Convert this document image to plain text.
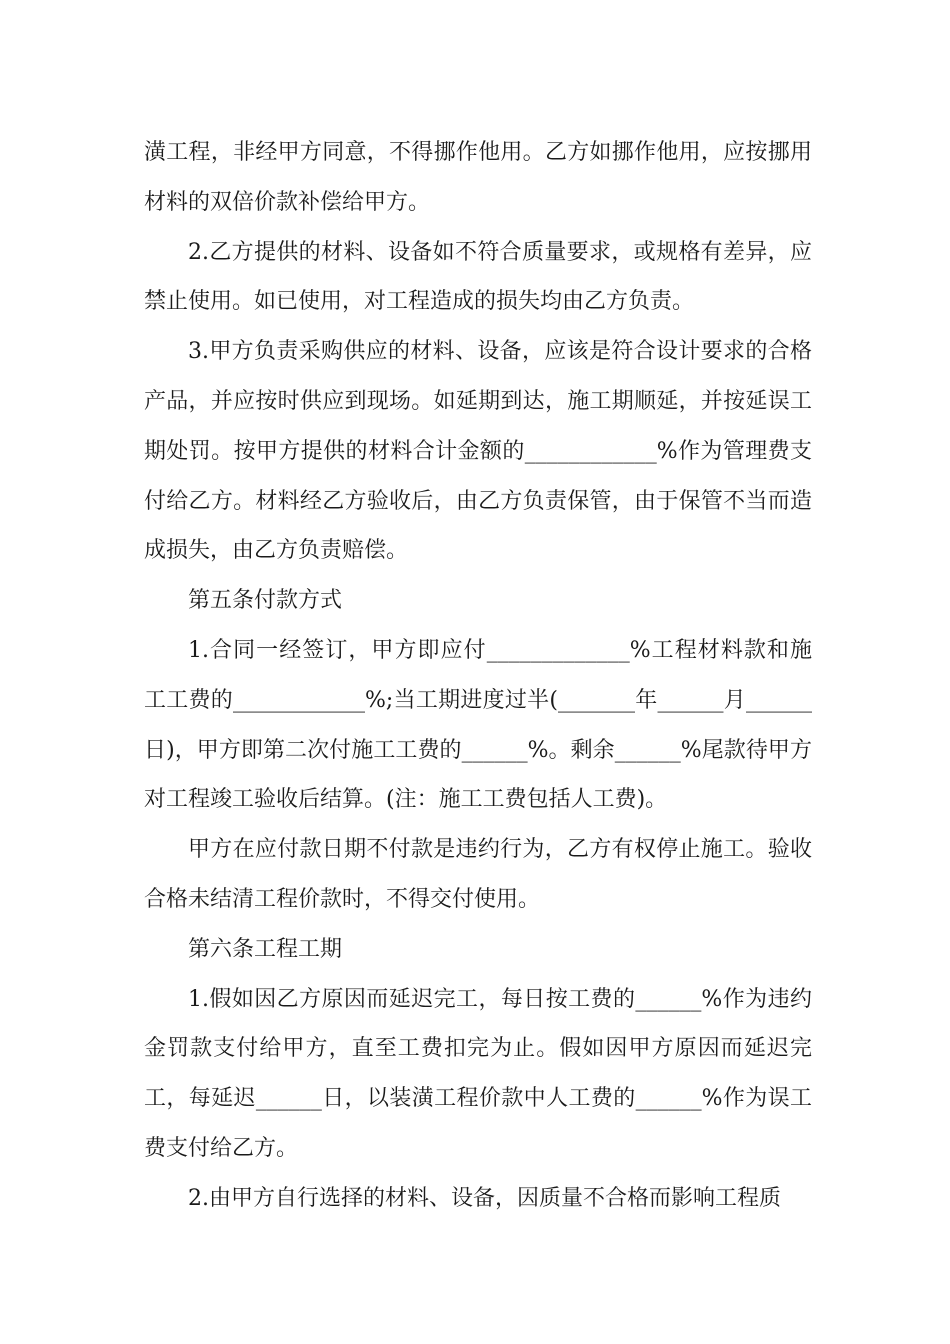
潢工程，非经甲方同意，不得挪作他用。乙方如挪作他用，应按挪用材料的双倍价款补偿给甲方。

2.乙方提供的材料、设备如不符合质量要求，或规格有差异，应禁止使用。如已使用，对工程造成的损失均由乙方负责。

3.甲方负责采购供应的材料、设备，应该是符合设计要求的合格产品，并应按时供应到现场。如延期到达，施工期顺延，并按延误工期处罚。按甲方提供的材料合计金额的____________%作为管理费支付给乙方。材料经乙方验收后，由乙方负责保管，由于保管不当而造成损失，由乙方负责赔偿。

第五条付款方式

1.合同一经签订，甲方即应付_____________%工程材料款和施工工费的____________%;当工期进度过半(_______年______月______日)，甲方即第二次付施工工费的______%。剩余______%尾款待甲方对工程竣工验收后结算。(注：施工工费包括人工费)。

甲方在应付款日期不付款是违约行为，乙方有权停止施工。验收合格未结清工程价款时，不得交付使用。

第六条工程工期

1.假如因乙方原因而延迟完工，每日按工费的______%作为违约金罚款支付给甲方，直至工费扣完为止。假如因甲方原因而延迟完工，每延迟______日，以装潢工程价款中人工费的______%作为误工费支付给乙方。

2.由甲方自行选择的材料、设备，因质量不合格而影响工程质
